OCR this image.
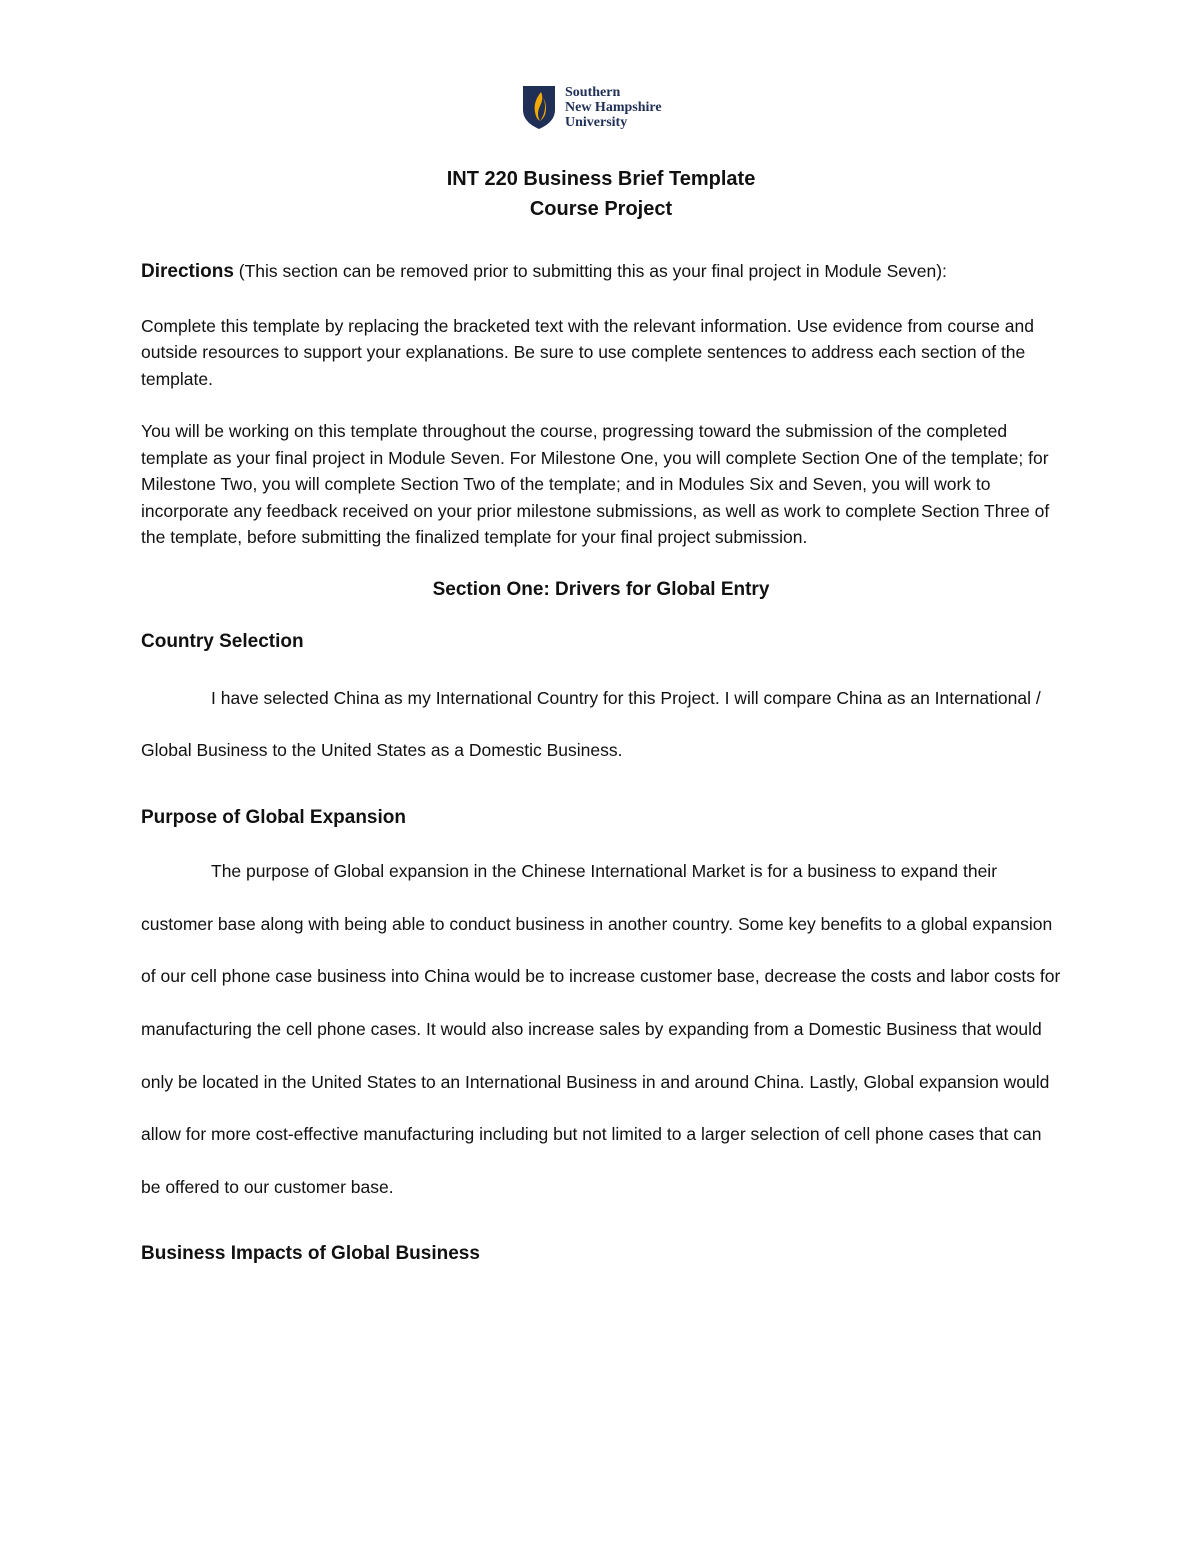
Southern
New Hampshire
University
INT 220 Business Brief Template
Course Project

Directions (This section can be removed prior to submitting this as your final project in Module Seven):

Complete this template by replacing the bracketed text with the relevant information. Use evidence from course and outside resources to support your explanations. Be sure to use complete sentences to address each section of the template.

You will be working on this template throughout the course, progressing toward the submission of the completed template as your final project in Module Seven. For Milestone One, you will complete Section One of the template; for Milestone Two, you will complete Section Two of the template; and in Modules Six and Seven, you will work to incorporate any feedback received on your prior milestone submissions, as well as work to complete Section Three of the template, before submitting the finalized template for your final project submission.

Section One: Drivers for Global Entry

Country Selection

I have selected China as my International Country for this Project. I will compare China as an International / Global Business to the United States as a Domestic Business.

Purpose of Global Expansion

The purpose of Global expansion in the Chinese International Market is for a business to expand their customer base along with being able to conduct business in another country. Some key benefits to a global expansion of our cell phone case business into China would be to increase customer base, decrease the costs and labor costs for manufacturing the cell phone cases. It would also increase sales by expanding from a Domestic Business that would only be located in the United States to an International Business in and around China. Lastly, Global expansion would allow for more cost-effective manufacturing including but not limited to a larger selection of cell phone cases that can be offered to our customer base.

Business Impacts of Global Business
